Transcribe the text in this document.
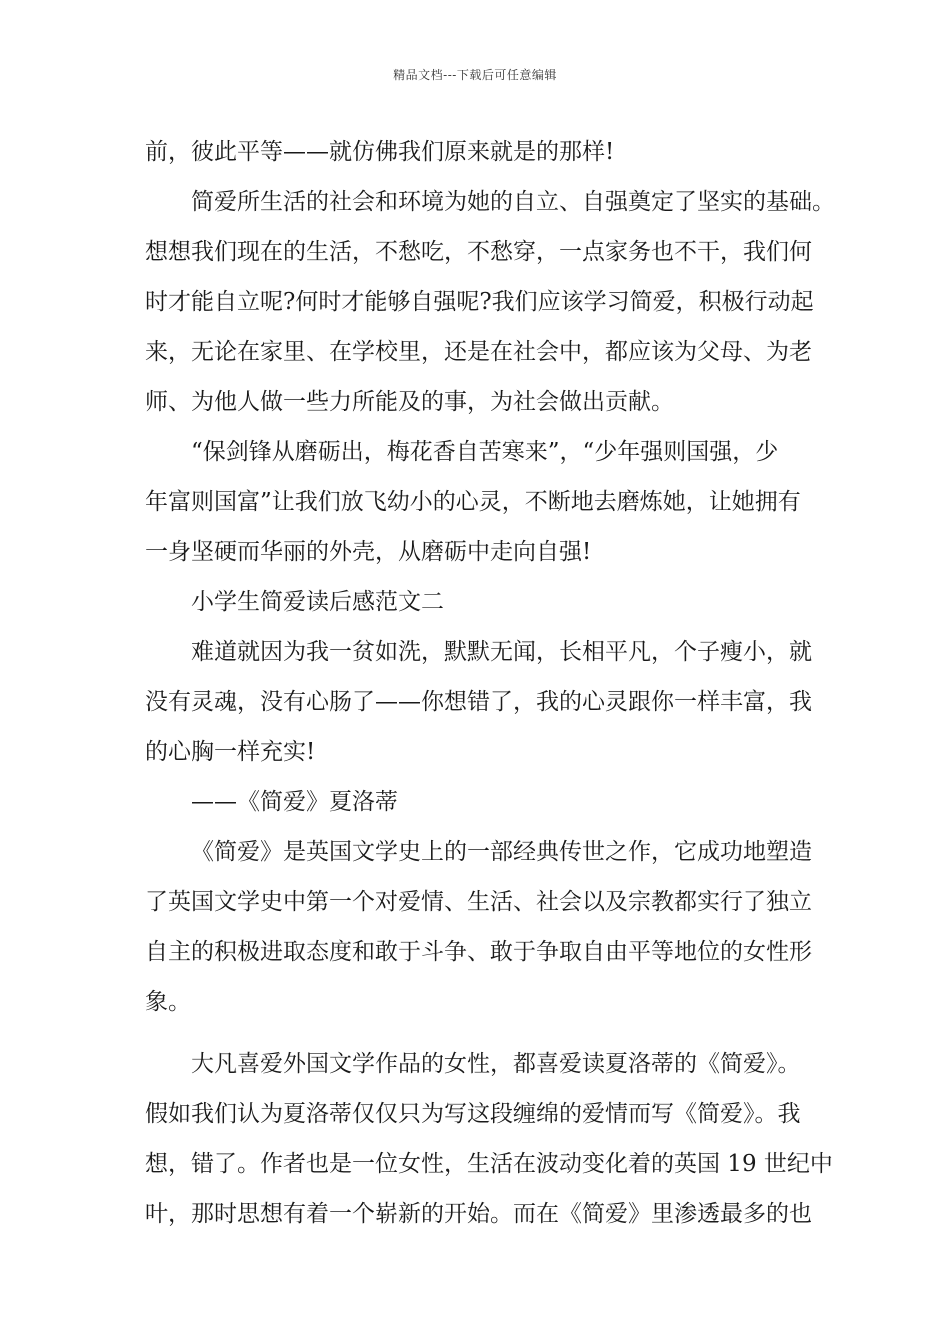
精品文档---下载后可任意编辑
前，彼此平等——就仿佛我们原来就是的那样!
简爱所生活的社会和环境为她的自立、自强奠定了坚实的基础。
想想我们现在的生活，不愁吃，不愁穿，一点家务也不干，我们何
时才能自立呢?何时才能够自强呢?我们应该学习简爱，积极行动起
来，无论在家里、在学校里，还是在社会中，都应该为父母、为老
师、为他人做一些力所能及的事，为社会做出贡献。
“保剑锋从磨砺出，梅花香自苦寒来”，“少年强则国强，少
年富则国富”让我们放飞幼小的心灵，不断地去磨炼她，让她拥有
一身坚硬而华丽的外壳，从磨砺中走向自强!
小学生简爱读后感范文二
难道就因为我一贫如洗，默默无闻，长相平凡，个子瘦小，就
没有灵魂，没有心肠了——你想错了，我的心灵跟你一样丰富，我
的心胸一样充实!
——《简爱》夏洛蒂
《简爱》是英国文学史上的一部经典传世之作，它成功地塑造
了英国文学史中第一个对爱情、生活、社会以及宗教都实行了独立
自主的积极进取态度和敢于斗争、敢于争取自由平等地位的女性形
象。
大凡喜爱外国文学作品的女性，都喜爱读夏洛蒂的《简爱》。
假如我们认为夏洛蒂仅仅只为写这段缠绵的爱情而写《简爱》。我
想，错了。作者也是一位女性，生活在波动变化着的英国 19 世纪中
叶，那时思想有着一个崭新的开始。而在《简爱》里渗透最多的也
